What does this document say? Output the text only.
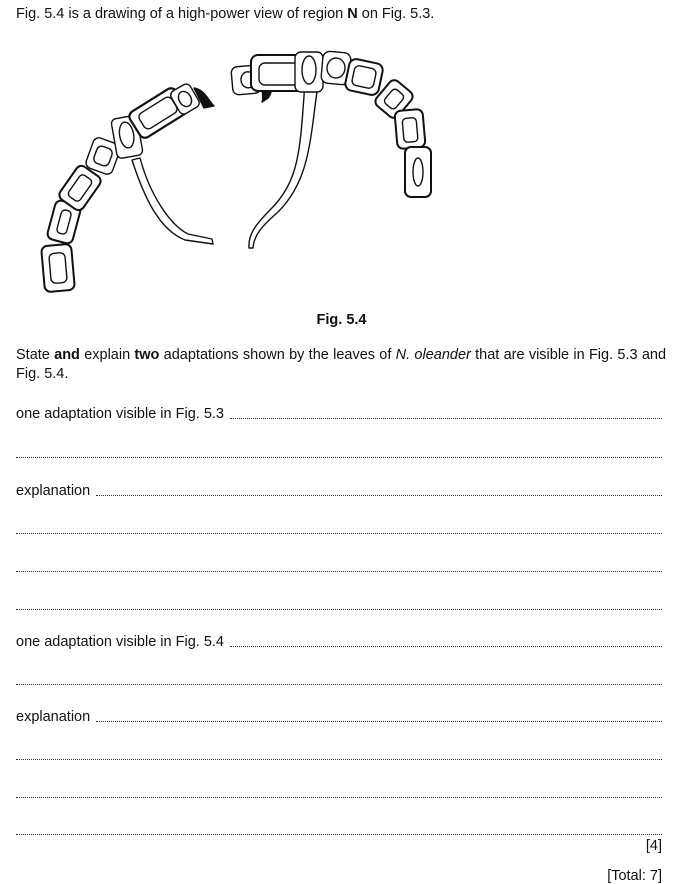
Fig. 5.4 is a drawing of a high-power view of region N on Fig. 5.3.
Fig. 5.4
State and explain two adaptations shown by the leaves of N. oleander that are visible in Fig. 5.3 and Fig. 5.4.
one adaptation visible in Fig. 5.3
explanation
one adaptation visible in Fig. 5.4
explanation
[4]
[Total: 7]
